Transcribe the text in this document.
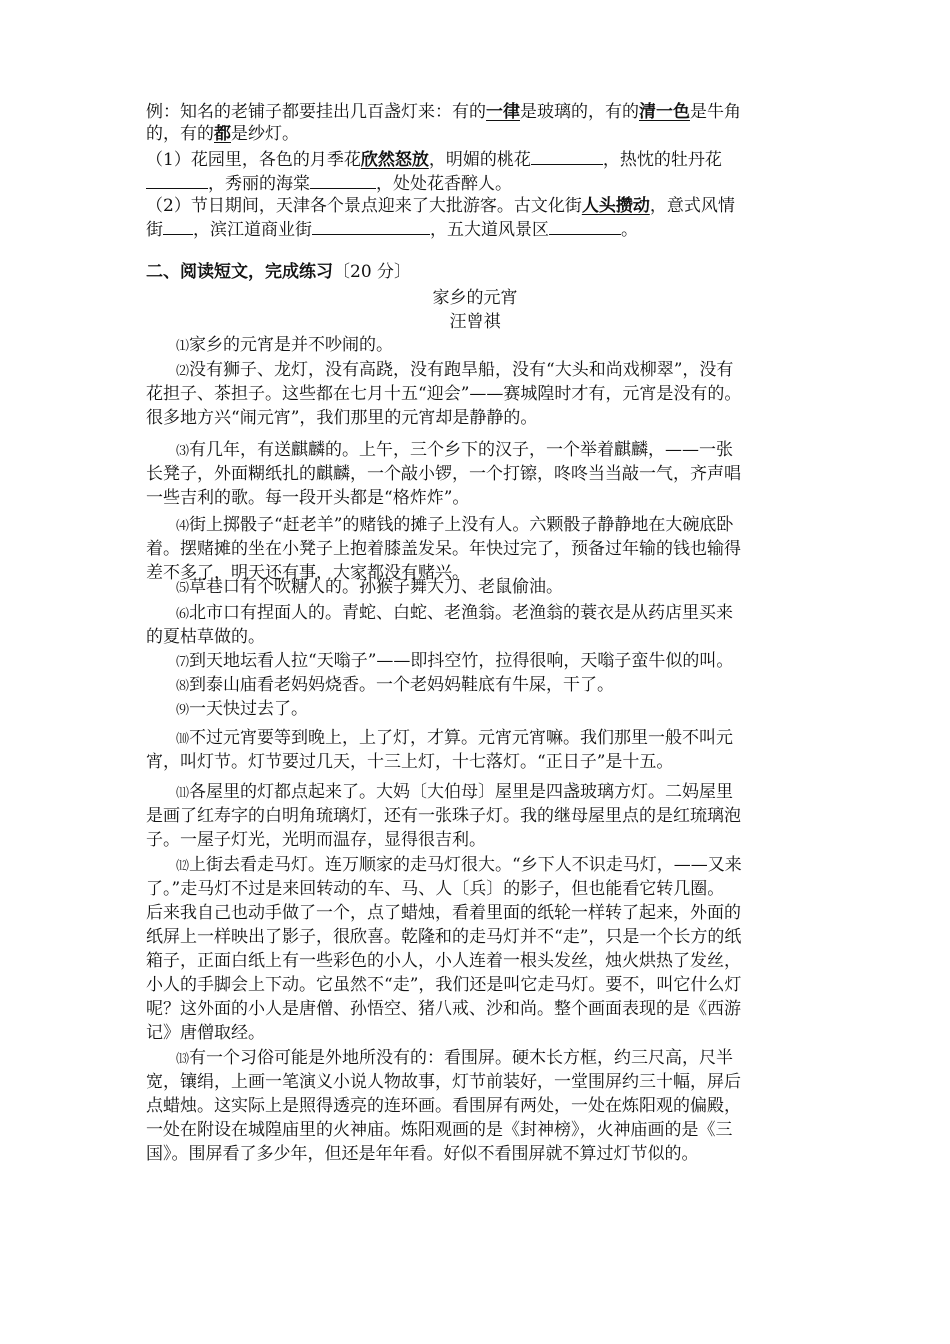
例：知名的老铺子都要挂出几百盏灯来：有的一律是玻璃的，有的清一色是牛角
的，有的都是纱灯。
（1）花园里，各色的月季花欣然怒放，明媚的桃花	，热忱的牡丹花
，秀丽的海棠	，处处花香醉人。
（2）节日期间，天津各个景点迎来了大批游客。古文化街人头攒动，意式风情
街 ，滨江道商业街	，五大道风景区	。
二、阅读短文，完成练习〔20 分〕
家乡的元宵
汪曾祺
⑴家乡的元宵是并不吵闹的。
⑵没有狮子、龙灯，没有高跷，没有跑旱船，没有“大头和尚戏柳翠”，没有
花担子、茶担子。这些都在七月十五“迎会”——赛城隍时才有，元宵是没有的。
很多地方兴“闹元宵”，我们那里的元宵却是静静的。
⑶有几年，有送麒麟的。上午，三个乡下的汉子，一个举着麒麟，——一张
长凳子，外面糊纸扎的麒麟，一个敲小锣，一个打镲，咚咚当当敲一气，齐声唱
一些吉利的歌。每一段开头都是“格炸炸”。
⑷街上掷骰子“赶老羊”的赌钱的摊子上没有人。六颗骰子静静地在大碗底卧
着。摆赌摊的坐在小凳子上抱着膝盖发呆。年快过完了，预备过年输的钱也输得
差不多了，明天还有事，大家都没有赌兴。
⑸草巷口有个吹糖人的。孙猴子舞大刀、老鼠偷油。
⑹北市口有捏面人的。青蛇、白蛇、老渔翁。老渔翁的蓑衣是从药店里买来
的夏枯草做的。
⑺到天地坛看人拉“天嗡子”——即抖空竹，拉得很响，天嗡子蛮牛似的叫。
⑻到泰山庙看老妈妈烧香。一个老妈妈鞋底有牛屎，干了。
⑼一天快过去了。
⑽不过元宵要等到晚上，上了灯，才算。元宵元宵嘛。我们那里一般不叫元
宵，叫灯节。灯节要过几天，十三上灯，十七落灯。“正日子”是十五。
⑾各屋里的灯都点起来了。大妈〔大伯母〕屋里是四盏玻璃方灯。二妈屋里
是画了红寿字的白明角琉璃灯，还有一张珠子灯。我的继母屋里点的是红琉璃泡
子。一屋子灯光，光明而温存，显得很吉利。
⑿上街去看走马灯。连万顺家的走马灯很大。“乡下人不识走马灯，——又来
了。”走马灯不过是来回转动的车、马、人〔兵〕的影子，但也能看它转几圈。
后来我自己也动手做了一个，点了蜡烛，看着里面的纸轮一样转了起来，外面的
纸屏上一样映出了影子，很欣喜。乾隆和的走马灯并不“走”，只是一个长方的纸
箱子，正面白纸上有一些彩色的小人，小人连着一根头发丝，烛火烘热了发丝，
小人的手脚会上下动。它虽然不“走”，我们还是叫它走马灯。要不，叫它什么灯
呢？这外面的小人是唐僧、孙悟空、猪八戒、沙和尚。整个画面表现的是《西游
记》唐僧取经。
⒀有一个习俗可能是外地所没有的：看围屏。硬木长方框，约三尺高，尺半
宽，镶绢，上画一笔演义小说人物故事，灯节前装好，一堂围屏约三十幅，屏后
点蜡烛。这实际上是照得透亮的连环画。看围屏有两处，一处在炼阳观的偏殿，
一处在附设在城隍庙里的火神庙。炼阳观画的是《封神榜》，火神庙画的是《三
国》。围屏看了多少年，但还是年年看。好似不看围屏就不算过灯节似的。
